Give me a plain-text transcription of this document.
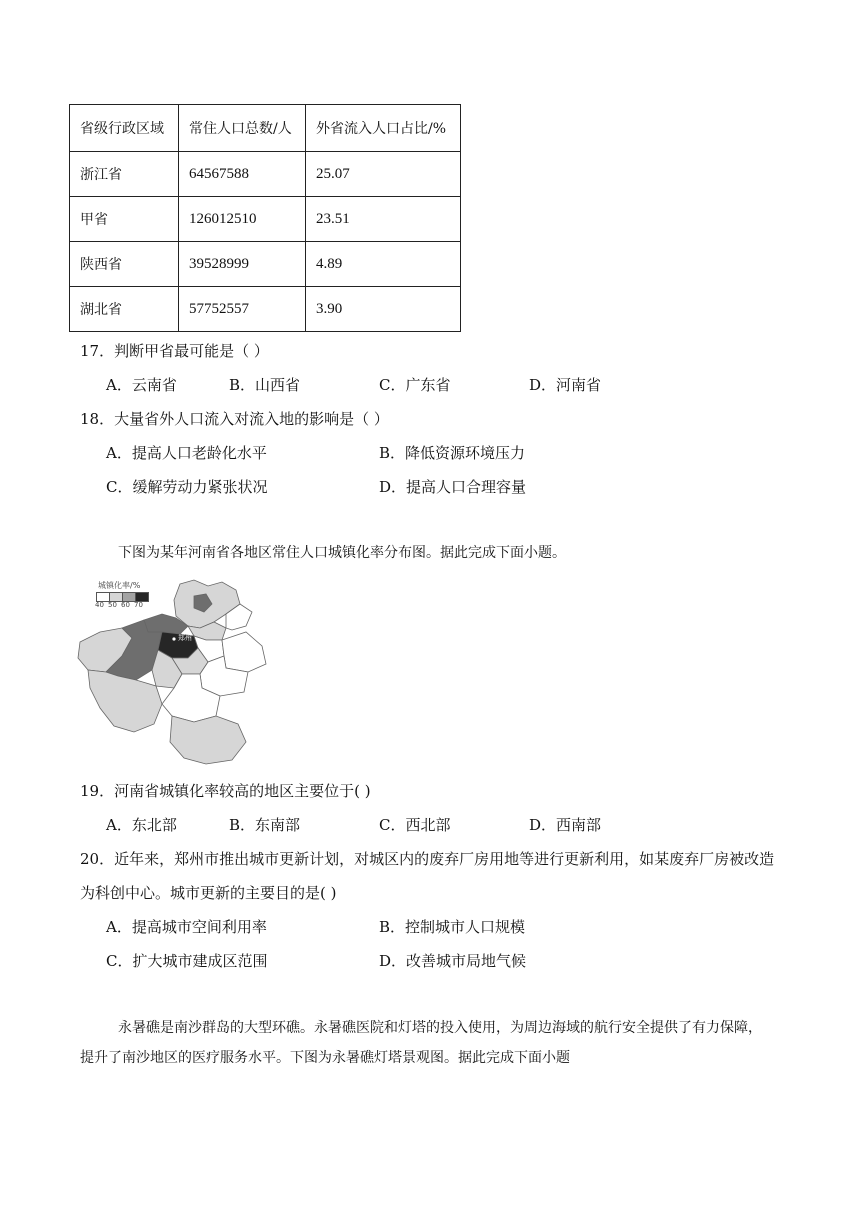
省级行政区域	常住人口总数/人	外省流入人口占比/%
浙江省	64567588	25.07
甲省	126012510	23.51
陕西省	39528999	4.89
湖北省	57752557	3.90
17．判断甲省最可能是（ ）
A．云南省	B．山西省	C．广东省	D．河南省
18．大量省外人口流入对流入地的影响是（ ）
A．提高人口老龄化水平	B．降低资源环境压力
C．缓解劳动力紧张状况	D．提高人口合理容量
下图为某年河南省各地区常住人口城镇化率分布图。据此完成下面小题。
城镇化率/%
40 50 60 70
郑州
19．河南省城镇化率较高的地区主要位于( )
A．东北部	B．东南部	C．西北部	D．西南部
20．近年来，郑州市推出城市更新计划，对城区内的废弃厂房用地等进行更新利用，如某废弃厂房被改造
为科创中心。城市更新的主要目的是( )
A．提高城市空间利用率	B．控制城市人口规模
C．扩大城市建成区范围	D．改善城市局地气候
永暑礁是南沙群岛的大型环礁。永暑礁医院和灯塔的投入使用，为周边海域的航行安全提供了有力保障，提升了南沙地区的医疗服务水平。下图为永暑礁灯塔景观图。据此完成下面小题
